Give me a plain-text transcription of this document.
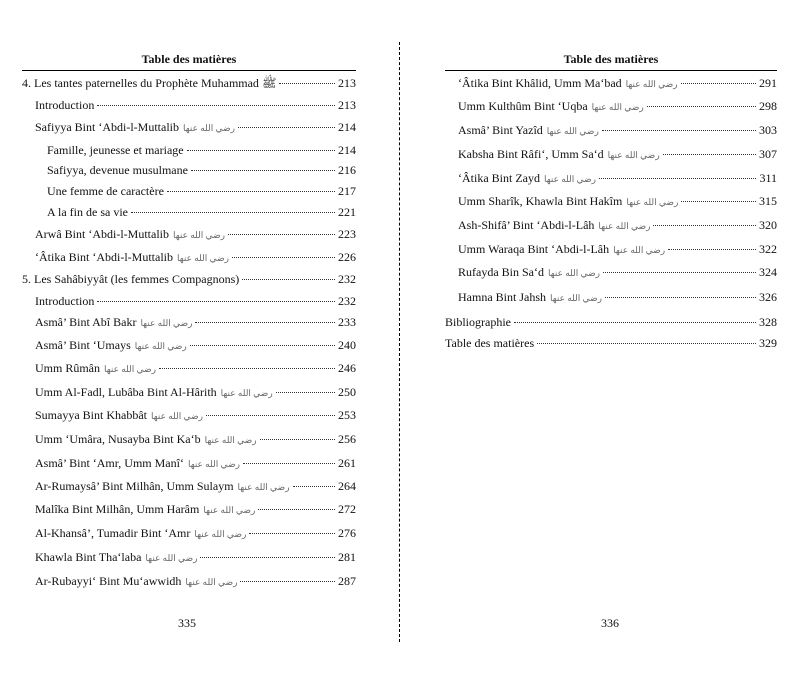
Table des matières
4. Les tantes paternelles du Prophète Muhammad ﷺ	213
Introduction	213
Safiyya Bint ‘Abdi-l-Muttalib رضي الله عنها	214
Famille, jeunesse et mariage	214
Safiyya, devenue musulmane	216
Une femme de caractère	217
A la fin de sa vie	221
Arwâ Bint ‘Abdi-l-Muttalib رضي الله عنها	223
‘Âtika Bint ‘Abdi-l-Muttalib رضي الله عنها	226
5. Les Sahâbiyyât (les femmes Compagnons)	232
Introduction	232
Asmâ’ Bint Abî Bakr رضي الله عنها	233
Asmâ’ Bint ‘Umays رضي الله عنها	240
Umm Rûmân رضي الله عنها	246
Umm Al-Fadl, Lubâba Bint Al-Hârith رضي الله عنها	250
Sumayya Bint Khabbât رضي الله عنها	253
Umm ‘Umâra, Nusayba Bint Ka‘b رضي الله عنها	256
Asmâ’ Bint ‘Amr, Umm Manî‘ رضي الله عنها	261
Ar-Rumaysâ’ Bint Milhân, Umm Sulaym رضي الله عنها	264
Malîka Bint Milhân, Umm Harâm رضي الله عنها	272
Al-Khansâ’, Tumadir Bint ‘Amr رضي الله عنها	276
Khawla Bint Tha‘laba رضي الله عنها	281
Ar-Rubayyi‘ Bint Mu‘awwidh رضي الله عنها	287
Table des matières
‘Âtika Bint Khâlid, Umm Ma‘bad رضي الله عنها	291
Umm Kulthûm Bint ‘Uqba رضي الله عنها	298
Asmâ’ Bint Yazîd رضي الله عنها	303
Kabsha Bint Râfi‘, Umm Sa‘d رضي الله عنها	307
‘Âtika Bint Zayd رضي الله عنها	311
Umm Sharîk, Khawla Bint Hakîm رضي الله عنها	315
Ash-Shifâ’ Bint ‘Abdi-l-Lâh رضي الله عنها	320
Umm Waraqa Bint ‘Abdi-l-Lâh رضي الله عنها	322
Rufayda Bin Sa‘d رضي الله عنها	324
Hamna Bint Jahsh رضي الله عنها	326
Bibliographie	328
Table des matières	329
335	336
